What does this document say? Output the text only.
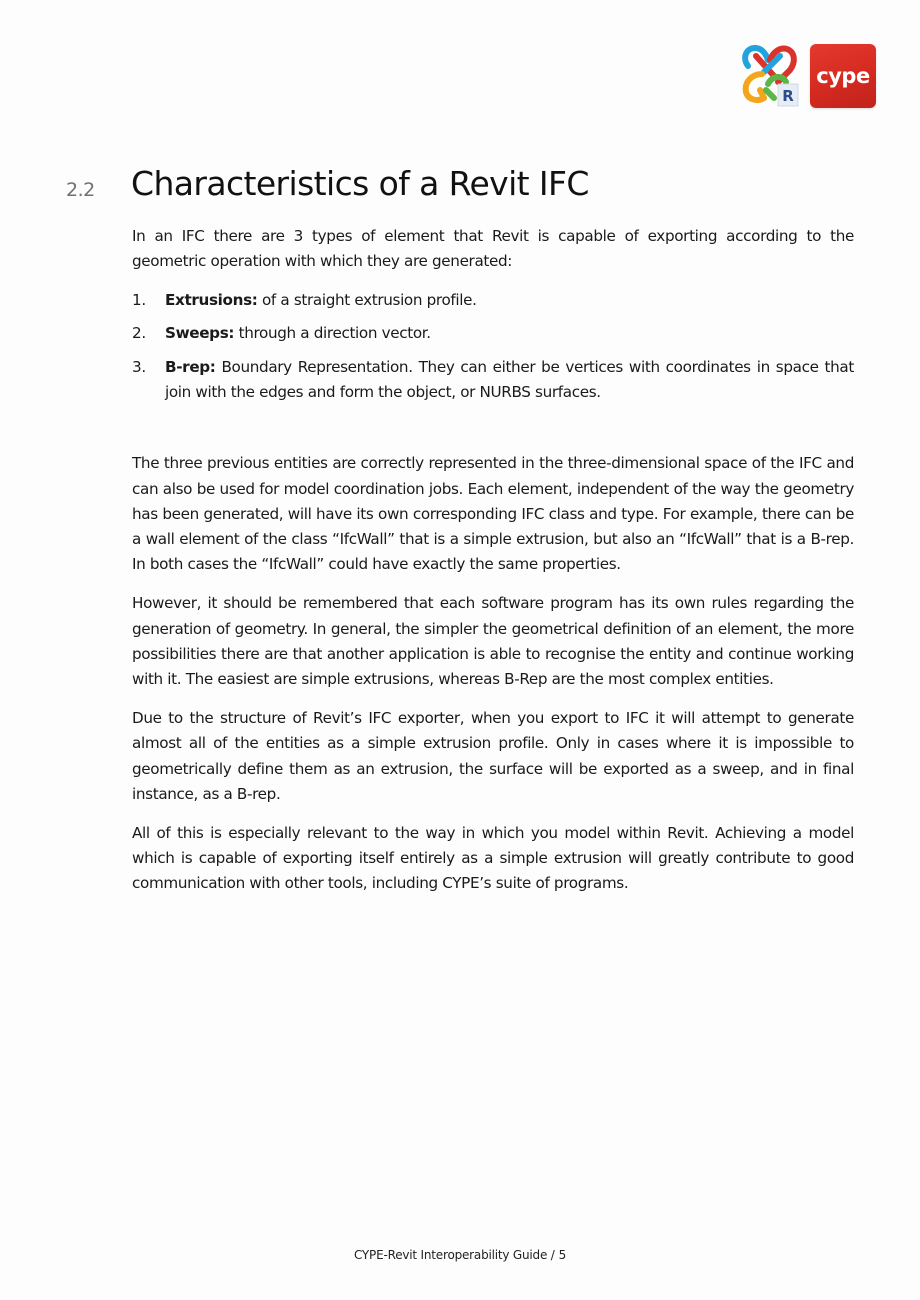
R
cype
2.2 Characteristics of a Revit IFC

In an IFC there are 3 types of element that Revit is capable of exporting according to the geometric operation with which they are generated:

1. Extrusions: of a straight extrusion profile.
2. Sweeps: through a direction vector.
3. B-rep: Boundary Representation. They can either be vertices with coordinates in space that join with the edges and form the object, or NURBS surfaces.

The three previous entities are correctly represented in the three-dimensional space of the IFC and can also be used for model coordination jobs. Each element, independent of the way the geometry has been generated, will have its own corresponding IFC class and type. For example, there can be a wall element of the class “IfcWall” that is a simple extrusion, but also an “IfcWall” that is a B-rep. In both cases the “IfcWall” could have exactly the same properties.

However, it should be remembered that each software program has its own rules regarding the generation of geometry. In general, the simpler the geometrical definition of an element, the more possibilities there are that another application is able to recognise the entity and continue working with it. The easiest are simple extrusions, whereas B-Rep are the most complex entities.

Due to the structure of Revit’s IFC exporter, when you export to IFC it will attempt to generate almost all of the entities as a simple extrusion profile. Only in cases where it is impossible to geometrically define them as an extrusion, the surface will be exported as a sweep, and in final instance, as a B-rep.

All of this is especially relevant to the way in which you model within Revit. Achieving a model which is capable of exporting itself entirely as a simple extrusion will greatly contribute to good communication with other tools, including CYPE’s suite of programs.

CYPE-Revit Interoperability Guide / 5
